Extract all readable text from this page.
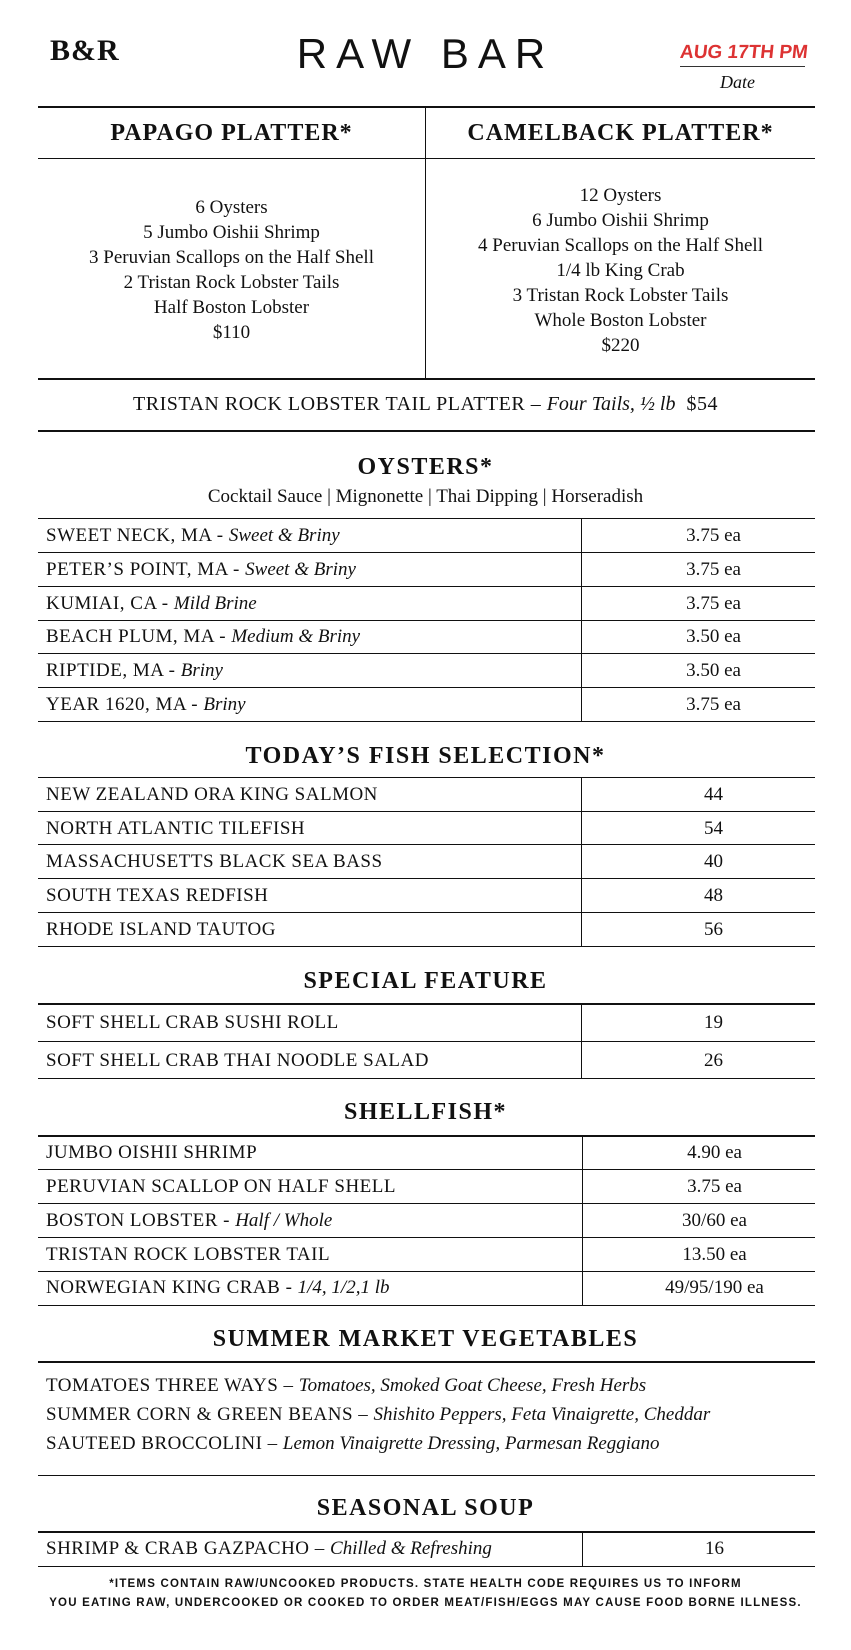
B&R	RAW BAR	AUG 17TH PM
Date
PAPAGO PLATTER*	CAMELBACK PLATTER*
6 Oysters
5 Jumbo Oishii Shrimp
3 Peruvian Scallops on the Half Shell
2 Tristan Rock Lobster Tails
Half Boston Lobster
$110
12 Oysters
6 Jumbo Oishii Shrimp
4 Peruvian Scallops on the Half Shell
1/4 lb King Crab
3 Tristan Rock Lobster Tails
Whole Boston Lobster
$220
TRISTAN ROCK LOBSTER TAIL PLATTER – Four Tails, ½ lb $54
OYSTERS*
Cocktail Sauce | Mignonette | Thai Dipping | Horseradish
SWEET NECK, MA - Sweet & Briny	3.75 ea
PETER’S POINT, MA - Sweet & Briny	3.75 ea
KUMIAI, CA - Mild Brine	3.75 ea
BEACH PLUM, MA - Medium & Briny	3.50 ea
RIPTIDE, MA - Briny	3.50 ea
YEAR 1620, MA - Briny	3.75 ea
TODAY’S FISH SELECTION*
NEW ZEALAND ORA KING SALMON	44
NORTH ATLANTIC TILEFISH	54
MASSACHUSETTS BLACK SEA BASS	40
SOUTH TEXAS REDFISH	48
RHODE ISLAND TAUTOG	56
SPECIAL FEATURE
SOFT SHELL CRAB SUSHI ROLL	19
SOFT SHELL CRAB THAI NOODLE SALAD	26
SHELLFISH*
JUMBO OISHII SHRIMP	4.90 ea
PERUVIAN SCALLOP ON HALF SHELL	3.75 ea
BOSTON LOBSTER - Half / Whole	30/60 ea
TRISTAN ROCK LOBSTER TAIL	13.50 ea
NORWEGIAN KING CRAB - 1/4, 1/2,1 lb	49/95/190 ea
SUMMER MARKET VEGETABLES
TOMATOES THREE WAYS – Tomatoes, Smoked Goat Cheese, Fresh Herbs
SUMMER CORN & GREEN BEANS – Shishito Peppers, Feta Vinaigrette, Cheddar
SAUTEED BROCCOLINI – Lemon Vinaigrette Dressing, Parmesan Reggiano
SEASONAL SOUP
SHRIMP & CRAB GAZPACHO – Chilled & Refreshing	16
*ITEMS CONTAIN RAW/UNCOOKED PRODUCTS. STATE HEALTH CODE REQUIRES US TO INFORM
YOU EATING RAW, UNDERCOOKED OR COOKED TO ORDER MEAT/FISH/EGGS MAY CAUSE FOOD BORNE ILLNESS.
